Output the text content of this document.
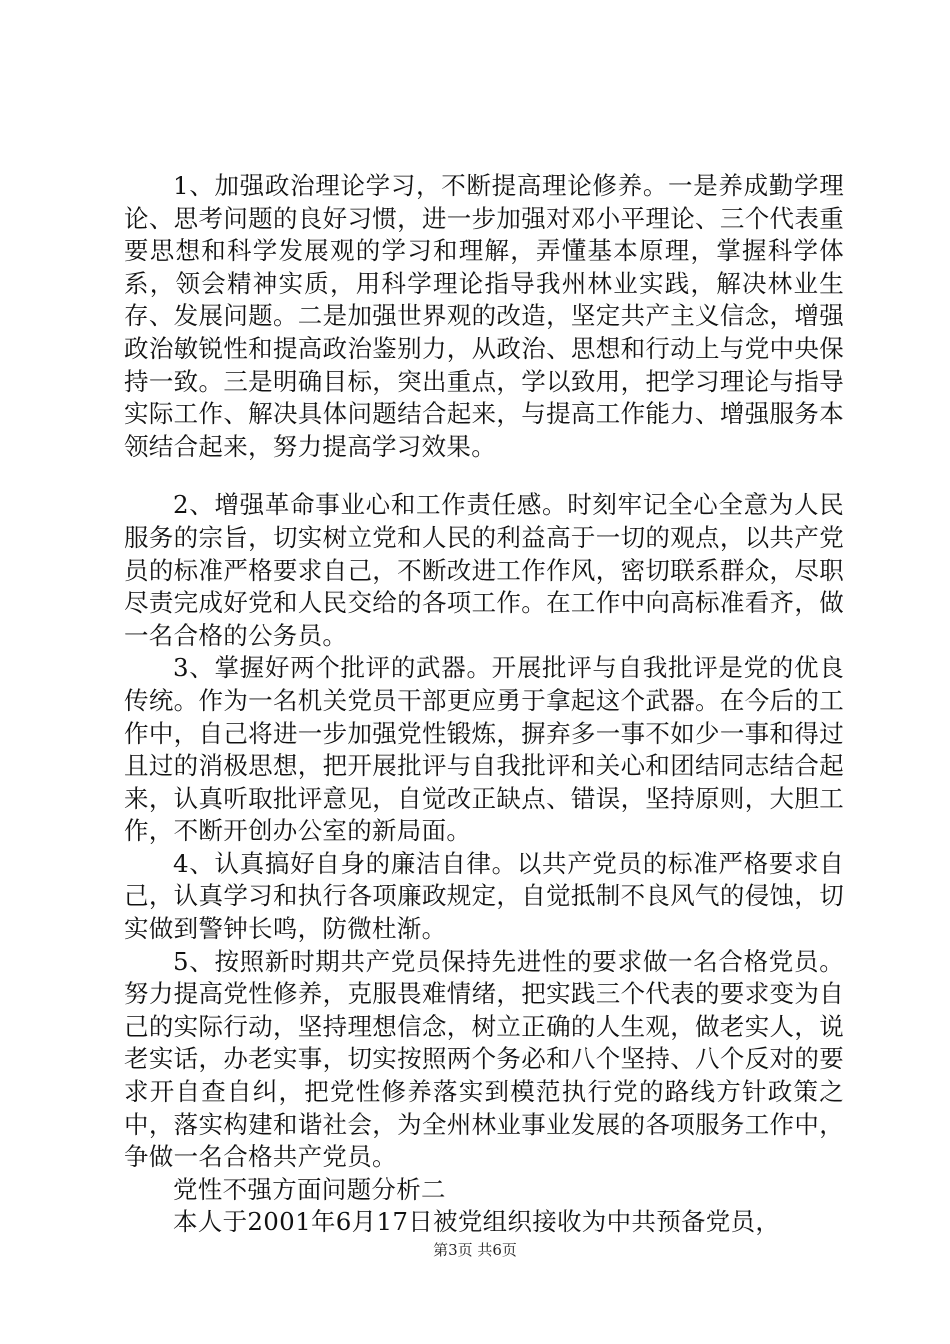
1、加强政治理论学习，不断提高理论修养。一是养成勤学理论、思考问题的良好习惯，进一步加强对邓小平理论、三个代表重要思想和科学发展观的学习和理解，弄懂基本原理，掌握科学体系，领会精神实质，用科学理论指导我州林业实践，解决林业生存、发展问题。二是加强世界观的改造，坚定共产主义信念，增强政治敏锐性和提高政治鉴别力，从政治、思想和行动上与党中央保持一致。三是明确目标，突出重点，学以致用，把学习理论与指导实际工作、解决具体问题结合起来，与提高工作能力、增强服务本领结合起来，努力提高学习效果。

2、增强革命事业心和工作责任感。时刻牢记全心全意为人民服务的宗旨，切实树立党和人民的利益高于一切的观点，以共产党员的标准严格要求自己，不断改进工作作风，密切联系群众，尽职尽责完成好党和人民交给的各项工作。在工作中向高标准看齐，做一名合格的公务员。

3、掌握好两个批评的武器。开展批评与自我批评是党的优良传统。作为一名机关党员干部更应勇于拿起这个武器。在今后的工作中，自己将进一步加强党性锻炼，摒弃多一事不如少一事和得过且过的消极思想，把开展批评与自我批评和关心和团结同志结合起来，认真听取批评意见，自觉改正缺点、错误，坚持原则，大胆工作，不断开创办公室的新局面。

4、认真搞好自身的廉洁自律。以共产党员的标准严格要求自己，认真学习和执行各项廉政规定，自觉抵制不良风气的侵蚀，切实做到警钟长鸣，防微杜渐。

5、按照新时期共产党员保持先进性的要求做一名合格党员。努力提高党性修养，克服畏难情绪，把实践三个代表的要求变为自己的实际行动，坚持理想信念，树立正确的人生观，做老实人，说老实话，办老实事，切实按照两个务必和八个坚持、八个反对的要求开自查自纠，把党性修养落实到模范执行党的路线方针政策之中，落实构建和谐社会，为全州林业事业发展的各项服务工作中，争做一名合格共产党员。

党性不强方面问题分析二

本人于2001年6月17日被党组织接收为中共预备党员，

第3页 共6页
